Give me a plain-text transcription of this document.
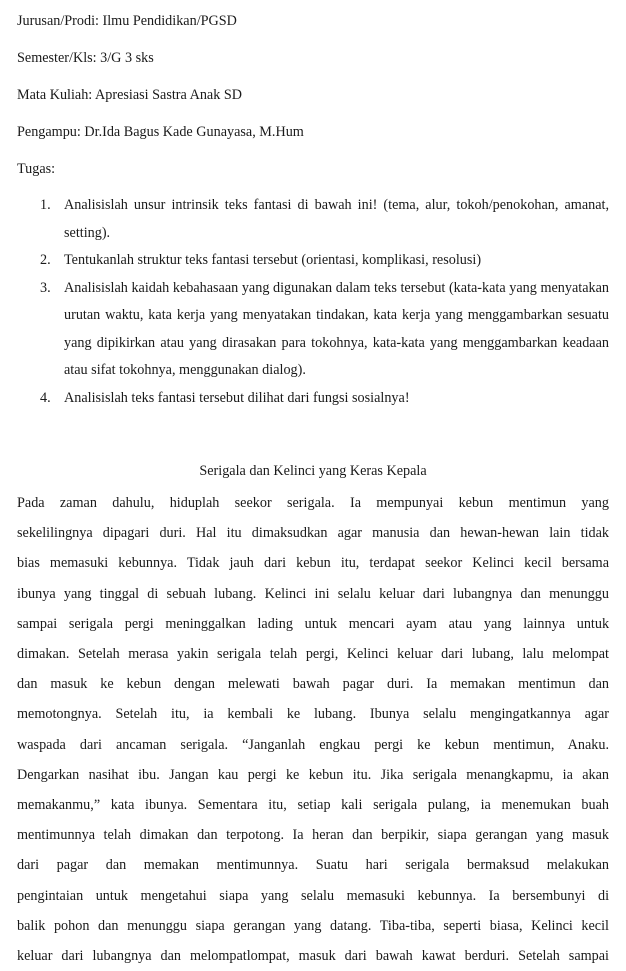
Jurusan/Prodi: Ilmu Pendidikan/PGSD
Semester/Kls: 3/G 3 sks
Mata Kuliah: Apresiasi Sastra Anak SD
Pengampu: Dr.Ida Bagus Kade Gunayasa, M.Hum
Tugas:
1. Analisislah unsur intrinsik teks fantasi di bawah ini! (tema, alur, tokoh/penokohan, amanat, setting).
2. Tentukanlah struktur teks fantasi tersebut (orientasi, komplikasi, resolusi)
3. Analisislah kaidah kebahasaan yang digunakan dalam teks tersebut (kata-kata yang menyatakan urutan waktu, kata kerja yang menyatakan tindakan, kata kerja yang menggambarkan sesuatu yang dipikirkan atau yang dirasakan para tokohnya, kata-kata yang menggambarkan keadaan atau sifat tokohnya, menggunakan dialog).
4. Analisislah teks fantasi tersebut dilihat dari fungsi sosialnya!
Serigala dan Kelinci yang Keras Kepala
Pada zaman dahulu, hiduplah seekor serigala. Ia mempunyai kebun mentimun yang
sekelilingnya dipagari duri. Hal itu dimaksudkan agar manusia dan hewan-hewan lain tidak
bias memasuki kebunnya. Tidak jauh dari kebun itu, terdapat seekor Kelinci kecil bersama
ibunya yang tinggal di sebuah lubang. Kelinci ini selalu keluar dari lubangnya dan menunggu
sampai serigala pergi meninggalkan lading untuk mencari ayam atau yang lainnya untuk
dimakan. Setelah merasa yakin serigala telah pergi, Kelinci keluar dari lubang, lalu melompat
dan masuk ke kebun dengan melewati bawah pagar duri. Ia memakan mentimun dan
memotongnya. Setelah itu, ia kembali ke lubang. Ibunya selalu mengingatkannya agar
waspada dari ancaman serigala. “Janganlah engkau pergi ke kebun mentimun, Anaku.
Dengarkan nasihat ibu. Jangan kau pergi ke kebun itu. Jika serigala menangkapmu, ia akan
memakanmu,” kata ibunya. Sementara itu, setiap kali serigala pulang, ia menemukan buah
mentimunnya telah dimakan dan terpotong. Ia heran dan berpikir, siapa gerangan yang masuk
dari pagar dan memakan mentimunnya. Suatu hari serigala bermaksud melakukan
pengintaian untuk mengetahui siapa yang selalu memasuki kebunnya. Ia bersembunyi di
balik pohon dan menunggu siapa gerangan yang datang. Tiba-tiba, seperti biasa, Kelinci kecil
keluar dari lubangnya dan melompatlompat, masuk dari bawah kawat berduri. Setelah sampai
